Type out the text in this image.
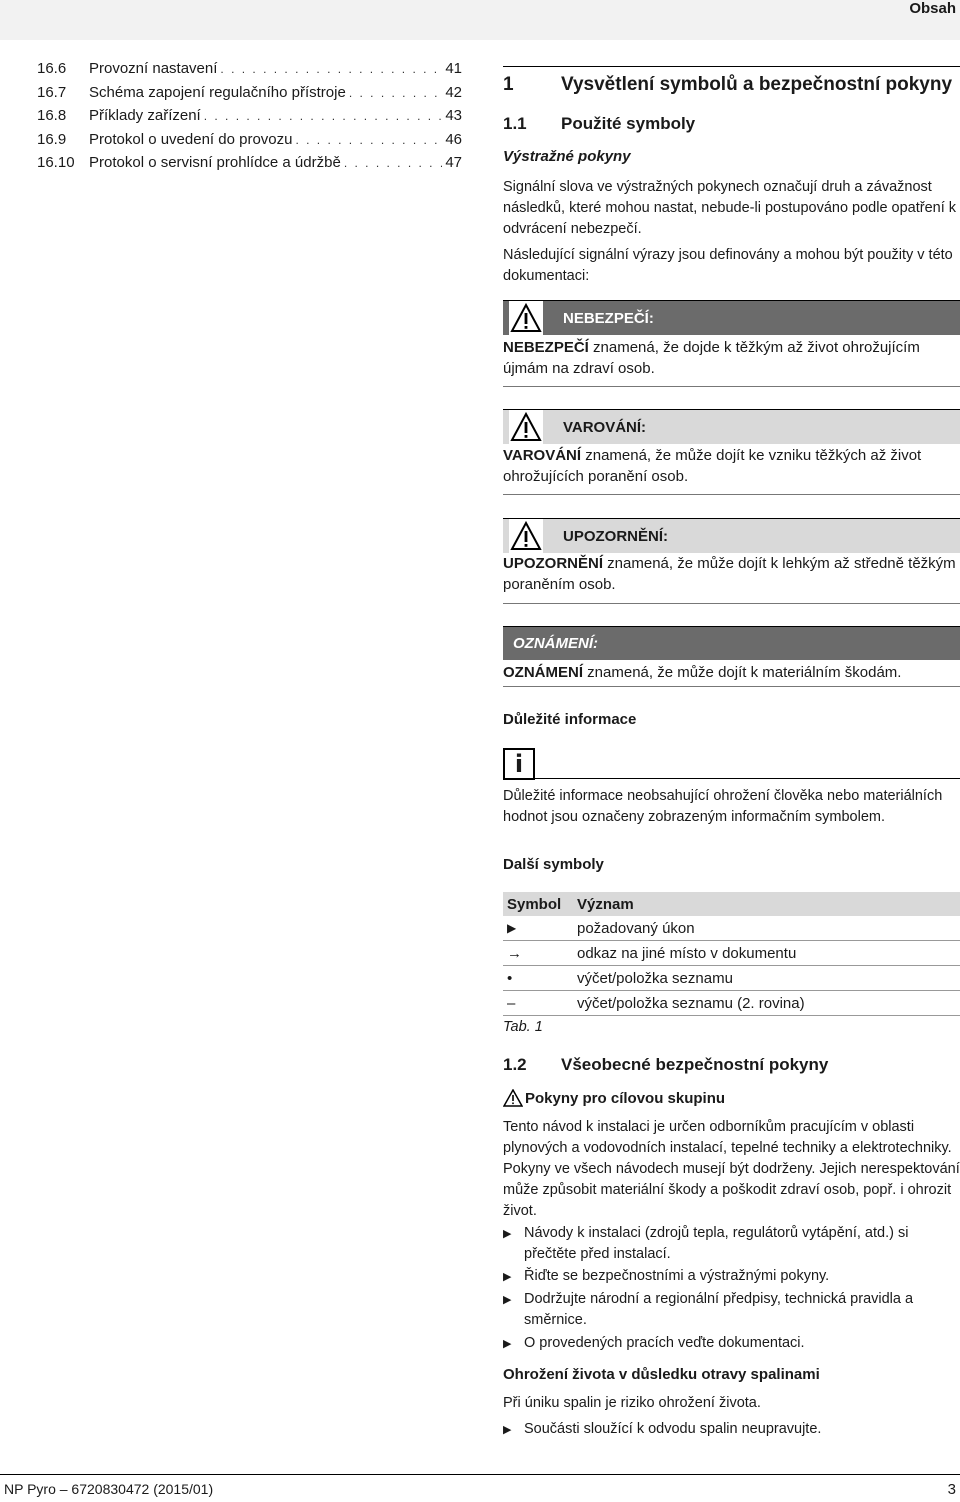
Obsah
16.6	Provozní nastavení . . .	41
16.7	Schéma zapojení regulačního přístroje . . .	42
16.8	Příklady zařízení . . .	43
16.9	Protokol o uvedení do provozu . . .	46
16.10 Protokol o servisní prohlídce a údržbě . . .	47
1 Vysvětlení symbolů a bezpečnostní pokyny
1.1 Použité symboly
Výstražné pokyny
Signální slova ve výstražných pokynech označují druh a závažnost následků, které mohou nastat, nebude-li postupováno podle opatření k odvrácení nebezpečí.
Následující signální výrazy jsou definovány a mohou být použity v této dokumentaci:
NEBEZPEČÍ:
NEBEZPEČÍ znamená, že dojde k těžkým až život ohrožujícím újmám na zdraví osob.
VAROVÁNÍ:
VAROVÁNÍ znamená, že může dojít ke vzniku těžkých až život ohrožujících poranění osob.
UPOZORNĚNÍ:
UPOZORNĚNÍ znamená, že může dojít k lehkým až středně těžkým poraněním osob.
OZNÁMENÍ:
OZNÁMENÍ znamená, že může dojít k materiálním škodám.
Důležité informace
i
Důležité informace neobsahující ohrožení člověka nebo materiálních hodnot jsou označeny zobrazeným informačním symbolem.
Další symboly
Symbol	Význam
▶	požadovaný úkon
→	odkaz na jiné místo v dokumentu
•	výčet/položka seznamu
–	výčet/položka seznamu (2. rovina)
Tab. 1
1.2 Všeobecné bezpečnostní pokyny
Pokyny pro cílovou skupinu
Tento návod k instalaci je určen odborníkům pracujícím v oblasti plynových a vodovodních instalací, tepelné techniky a elektrotechniky. Pokyny ve všech návodech musejí být dodrženy. Jejich nerespektování může způsobit materiální škody a poškodit zdraví osob, popř. i ohrozit život.
▶ Návody k instalaci (zdrojů tepla, regulátorů vytápění, atd.) si přečtěte před instalací.
▶ Řiďte se bezpečnostními a výstražnými pokyny.
▶ Dodržujte národní a regionální předpisy, technická pravidla a směrnice.
▶ O provedených pracích veďte dokumentaci.
Ohrožení života v důsledku otravy spalinami
Při úniku spalin je riziko ohrožení života.
▶ Součásti sloužící k odvodu spalin neupravujte.
NP Pyro – 6720830472 (2015/01)	3
